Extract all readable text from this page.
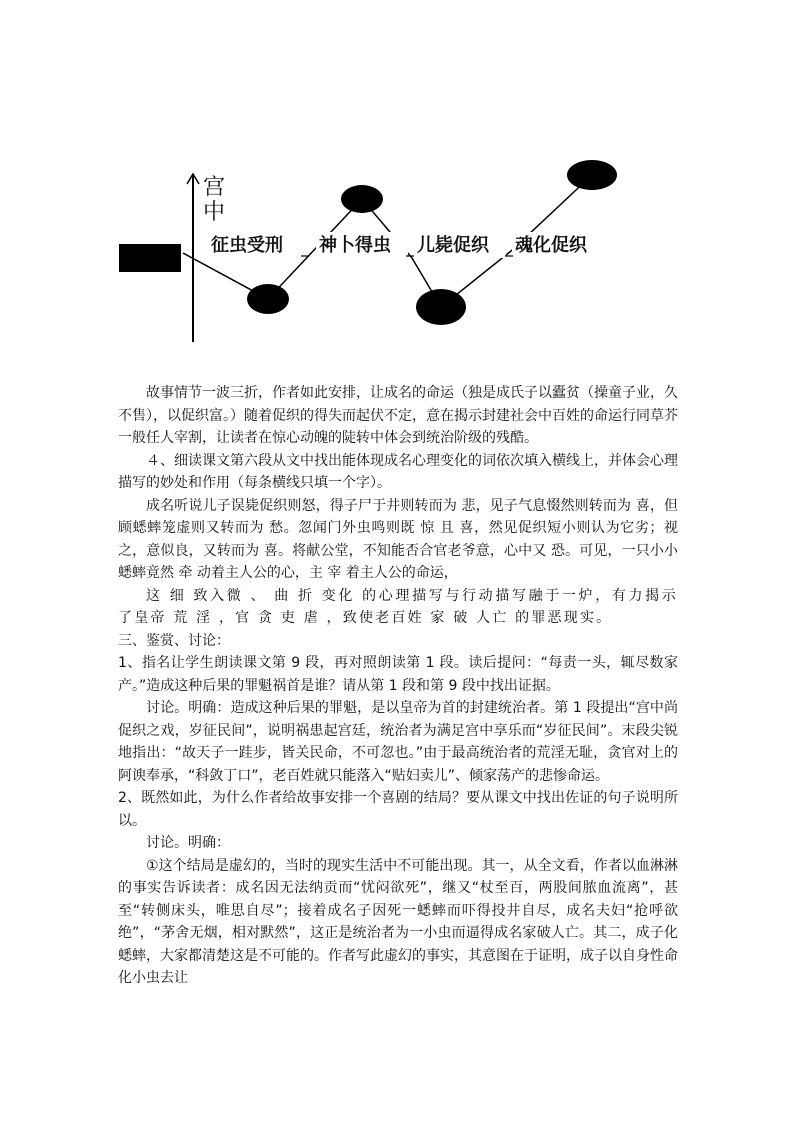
宫
中
征虫受刑 神卜得虫 儿毙促织 魂化促织

故事情节一波三折，作者如此安排，让成名的命运（独是成氏子以蠹贫（操童子业，久不售），以促织富。）随着促织的得失而起伏不定，意在揭示封建社会中百姓的命运行同草芥一般任人宰割，让读者在惊心动魄的陡转中体会到统治阶级的残酷。

４、细读课文第六段从文中找出能体现成名心理变化的词依次填入横线上，并体会心理描写的妙处和作用（每条横线只填一个字）。

成名听说儿子误毙促织则怒，得子尸于井则转而为 悲，见子气息惙然则转而为 喜，但顾蟋蟀笼虚则又转而为 愁。忽闻门外虫鸣则既 惊 且 喜，然见促织短小则认为它劣；视之，意似良，又转而为 喜。将献公堂，不知能否合官老爷意，心中又 恐。可见，一只小小蟋蟀竟然 牵 动着主人公的心，主 宰 着主人公的命运，

这 细 致入微 、 曲 折 变化 的心理描写与行动描写融于一炉，有力揭示了皇帝 荒 淫 ，官 贪 吏 虐 ，致使老百姓 家 破 人亡 的罪恶现实。

三、鉴赏、讨论：

1、指名让学生朗读课文第 9 段，再对照朗读第 1 段。读后提问：“每责一头，辄尽数家产。”造成这种后果的罪魁祸首是谁？请从第 1 段和第 9 段中找出证据。

讨论。明确：造成这种后果的罪魁，是以皇帝为首的封建统治者。第 1 段提出“宫中尚促织之戏，岁征民间”，说明祸患起宫廷，统治者为满足宫中享乐而“岁征民间”。末段尖锐地指出：“故天子一跬步，皆关民命，不可忽也。”由于最高统治者的荒淫无耻，贪官对上的阿谀奉承，“科敛丁口”，老百姓就只能落入“贴妇卖儿”、倾家荡产的悲惨命运。

2、既然如此，为什么作者给故事安排一个喜剧的结局？要从课文中找出佐证的句子说明所以。

讨论。明确：

①这个结局是虚幻的，当时的现实生活中不可能出现。其一，从全文看，作者以血淋淋的事实告诉读者：成名因无法纳贡而“忧闷欲死”，继又“杖至百，两股间脓血流离”，甚至“转侧床头，唯思自尽”；接着成名子因死一蟋蟀而吓得投井自尽，成名夫妇“抢呼欲绝”，“茅舍无烟，相对默然”，这正是统治者为一小虫而逼得成名家破人亡。其二，成子化蟋蟀，大家都清楚这是不可能的。作者写此虚幻的事实，其意图在于证明，成子以自身性命化小虫去让
